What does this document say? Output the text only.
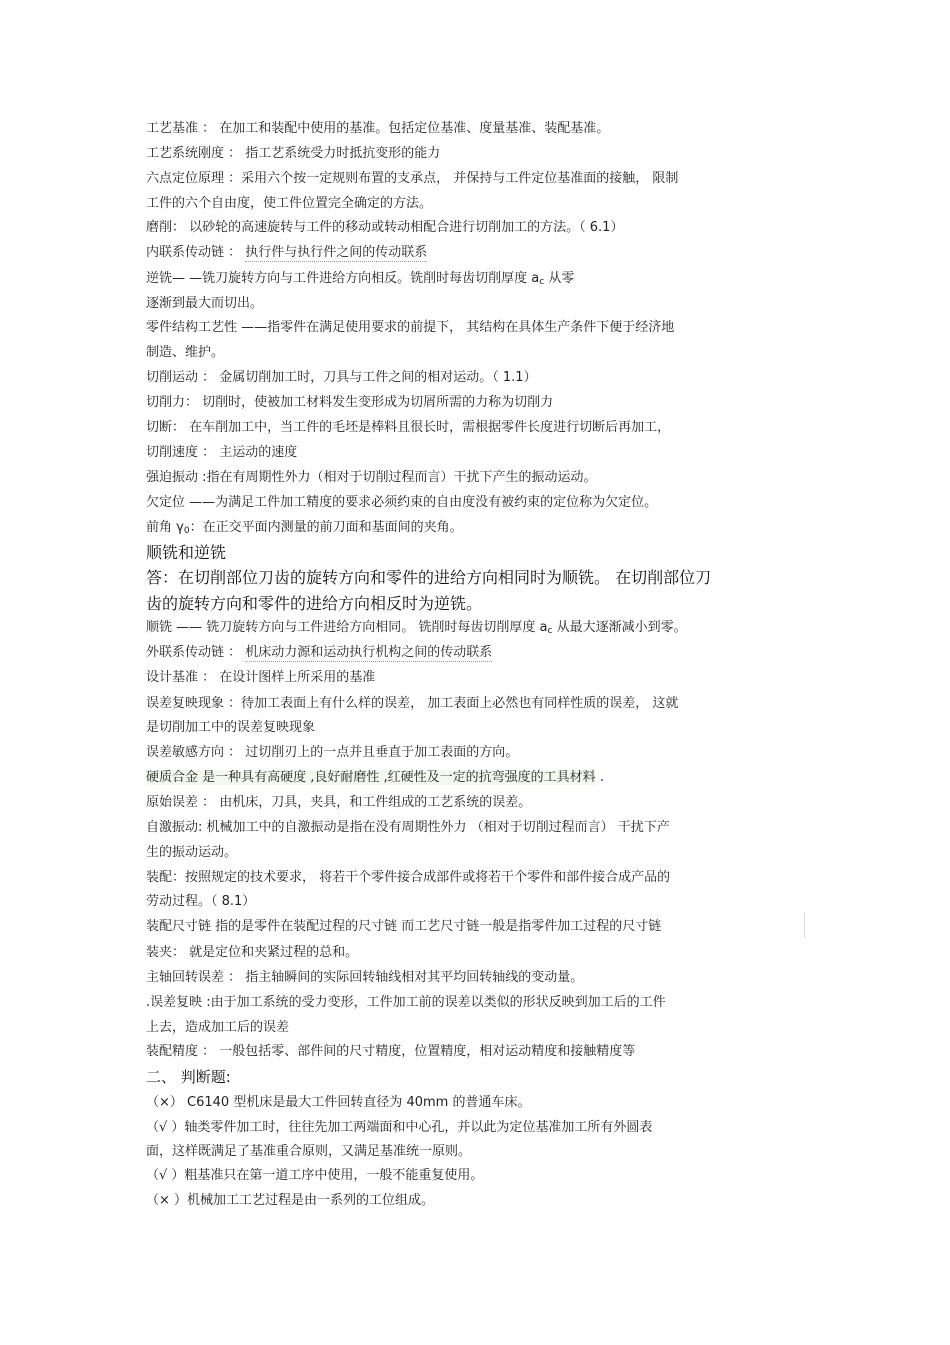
工艺基准 ： 在加工和装配中使用的基准。包括定位基准、度量基准、装配基准。
工艺系统刚度 ： 指工艺系统受力时抵抗变形的能力
六点定位原理 ：采用六个按一定规则布置的支承点， 并保持与工件定位基准面的接触， 限制
工件的六个自由度，使工件位置完全确定的方法。
磨削： 以砂轮的高速旋转与工件的移动或转动相配合进行切削加工的方法。（ 6.1）
内联系传动链 ： 执行件与执行件之间的传动联系
逆铣— —铣刀旋转方向与工件进给方向相反。铣削时每齿切削厚度 $a_c$ 从零
逐渐到最大而切出。
零件结构工艺性 ——指零件在满足使用要求的前提下， 其结构在具体生产条件下便于经济地
制造、维护。
切削运动 ： 金属切削加工时，刀具与工件之间的相对运动。（ 1.1）
切削力： 切削时，使被加工材料发生变形成为切屑所需的力称为切削力
切断： 在车削加工中，当工件的毛坯是棒料且很长时，需根据零件长度进行切断后再加工，
切削速度 ： 主运动的速度
强迫振动 :指在有周期性外力（相对于切削过程而言）干扰下产生的振动运动。
欠定位 ——为满足工件加工精度的要求必须约束的自由度没有被约束的定位称为欠定位。
前角 $\gamma_0$：在正交平面内测量的前刀面和基面间的夹角。
顺铣和逆铣
答：在切削部位刀齿的旋转方向和零件的进给方向相同时为顺铣。 在切削部位刀
齿的旋转方向和零件的进给方向相反时为逆铣。
顺铣 —— 铣刀旋转方向与工件进给方向相同。 铣削时每齿切削厚度 $a_c$ 从最大逐渐减小到零。
外联系传动链 ： 机床动力源和运动执行机构之间的传动联系
设计基准 ： 在设计图样上所采用的基准
误差复映现象 ：待加工表面上有什么样的误差， 加工表面上必然也有同样性质的误差， 这就
是切削加工中的误差复映现象
误差敏感方向 ： 过切削刃上的一点并且垂直于加工表面的方向。
硬质合金 是一种具有高硬度 ,良好耐磨性 ,红硬性及一定的抗弯强度的工具材料 .
原始误差 ： 由机床，刀具，夹具，和工件组成的工艺系统的误差。
自激振动: 机械加工中的自激振动是指在没有周期性外力 （相对于切削过程而言） 干扰下产
生的振动运动。
装配：按照规定的技术要求， 将若干个零件接合成部件或将若干个零件和部件接合成产品的
劳动过程。（ 8.1）
装配尺寸链 指的是零件在装配过程的尺寸链 而工艺尺寸链一般是指零件加工过程的尺寸链
装夹： 就是定位和夹紧过程的总和。
主轴回转误差 ： 指主轴瞬间的实际回转轴线相对其平均回转轴线的变动量。
.误差复映 :由于加工系统的受力变形，工件加工前的误差以类似的形状反映到加工后的工件
上去，造成加工后的误差
装配精度 ： 一般包括零、部件间的尺寸精度，位置精度，相对运动精度和接触精度等
二、 判断题:
（×） C6140 型机床是最大工件回转直径为 40mm 的普通车床。
（√ ）轴类零件加工时，往往先加工两端面和中心孔，并以此为定位基准加工所有外圆表
面，这样既满足了基准重合原则，又满足基准统一原则。
（√ ）粗基准只在第一道工序中使用，一般不能重复使用。
（× ）机械加工工艺过程是由一系列的工位组成。
